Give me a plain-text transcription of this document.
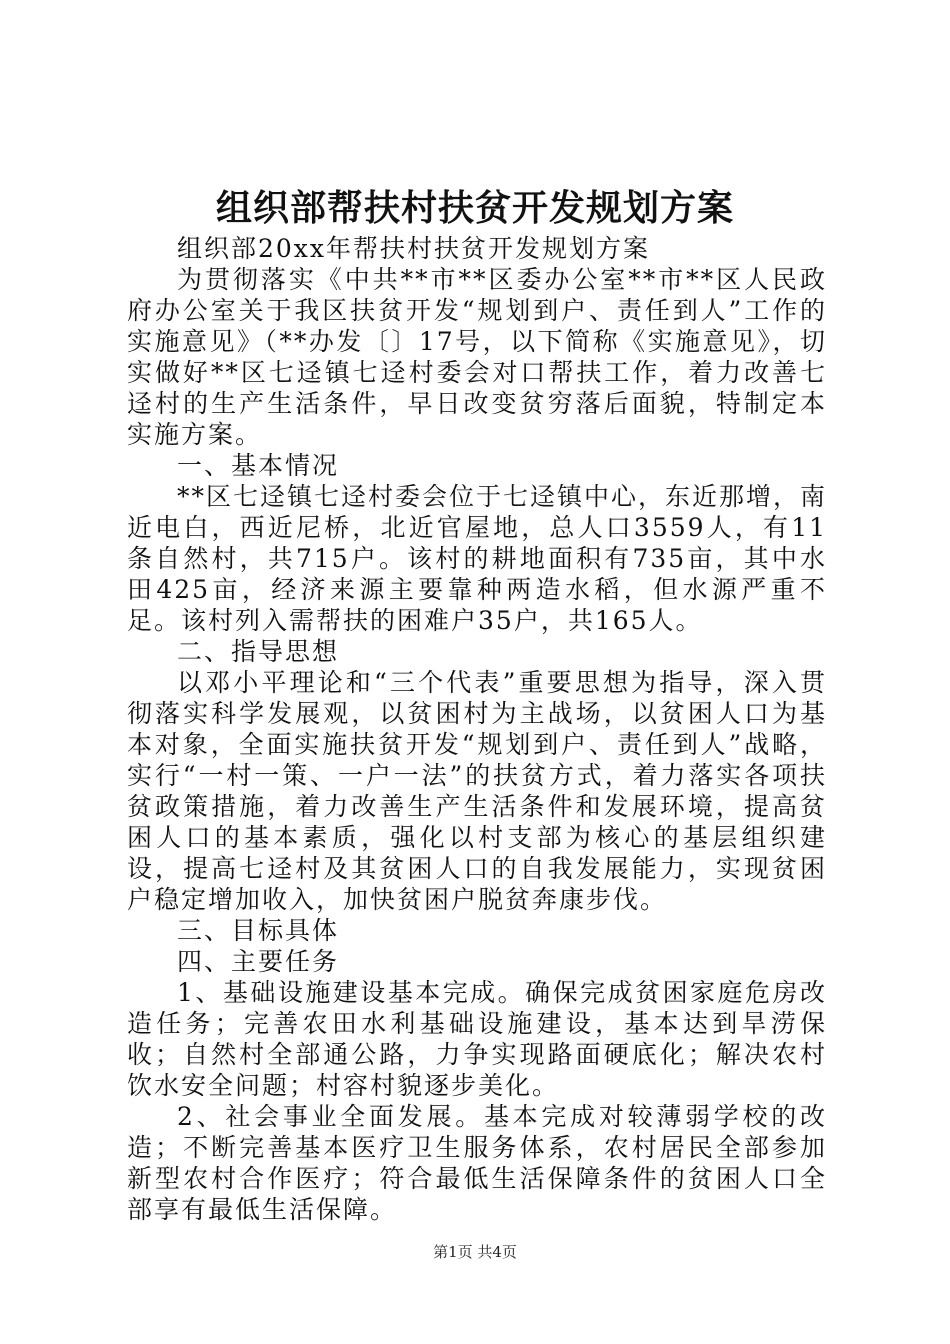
组织部帮扶村扶贫开发规划方案

组织部20xx年帮扶村扶贫开发规划方案

为贯彻落实《中共**市**区委办公室**市**区人民政府办公室关于我区扶贫开发“规划到户、责任到人”工作的实施意见》（**办发〔〕17号，以下简称《实施意见》，切实做好**区七迳镇七迳村委会对口帮扶工作，着力改善七迳村的生产生活条件，早日改变贫穷落后面貌，特制定本实施方案。

一、基本情况

**区七迳镇七迳村委会位于七迳镇中心，东近那增，南近电白，西近尼桥，北近官屋地，总人口3559人，有11条自然村，共715户。该村的耕地面积有735亩，其中水田425亩，经济来源主要靠种两造水稻，但水源严重不足。该村列入需帮扶的困难户35户，共165人。

二、指导思想

以邓小平理论和“三个代表”重要思想为指导，深入贯彻落实科学发展观，以贫困村为主战场，以贫困人口为基本对象，全面实施扶贫开发“规划到户、责任到人”战略，实行“一村一策、一户一法”的扶贫方式，着力落实各项扶贫政策措施，着力改善生产生活条件和发展环境，提高贫困人口的基本素质，强化以村支部为核心的基层组织建设，提高七迳村及其贫困人口的自我发展能力，实现贫困户稳定增加收入，加快贫困户脱贫奔康步伐。

三、目标具体

四、主要任务

1、基础设施建设基本完成。确保完成贫困家庭危房改造任务；完善农田水利基础设施建设，基本达到旱涝保收；自然村全部通公路，力争实现路面硬底化；解决农村饮水安全问题；村容村貌逐步美化。

2、社会事业全面发展。基本完成对较薄弱学校的改造；不断完善基本医疗卫生服务体系，农村居民全部参加新型农村合作医疗；符合最低生活保障条件的贫困人口全部享有最低生活保障。

第1页 共4页
